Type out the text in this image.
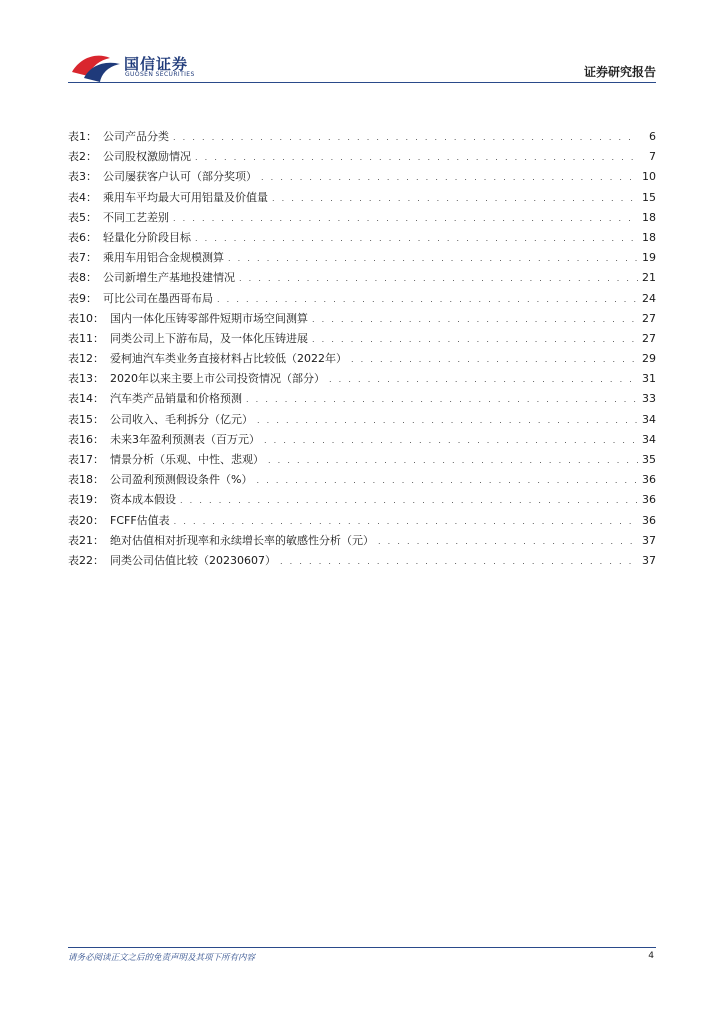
国信证券
GUOSEN SECURITIES	证券研究报告
表1： 公司产品分类 . . .	6
表2： 公司股权激励情况 . . .	7
表3： 公司屡获客户认可（部分奖项） . . .	10
表4： 乘用车平均最大可用铝量及价值量 . . .	15
表5： 不同工艺差别 . . .	18
表6： 轻量化分阶段目标 . . .	18
表7： 乘用车用铝合金规模测算 . . .	19
表8： 公司新增生产基地投建情况 . . .	21
表9： 可比公司在墨西哥布局 . . .	24
表10： 国内一体化压铸零部件短期市场空间测算 . . .	27
表11： 同类公司上下游布局，及一体化压铸进展 . . .	27
表12： 爱柯迪汽车类业务直接材料占比较低（2022年） . . .	29
表13： 2020年以来主要上市公司投资情况（部分） . . .	31
表14： 汽车类产品销量和价格预测 . . .	33
表15： 公司收入、毛利拆分（亿元） . . .	34
表16： 未来3年盈利预测表（百万元） . . .	34
表17： 情景分析（乐观、中性、悲观） . . .	35
表18： 公司盈利预测假设条件（%） . . .	36
表19： 资本成本假设 . . .	36
表20： FCFF估值表 . . .	36
表21： 绝对估值相对折现率和永续增长率的敏感性分析（元） . . .	37
表22： 同类公司估值比较（20230607） . . .	37
请务必阅读正文之后的免责声明及其项下所有内容	4
